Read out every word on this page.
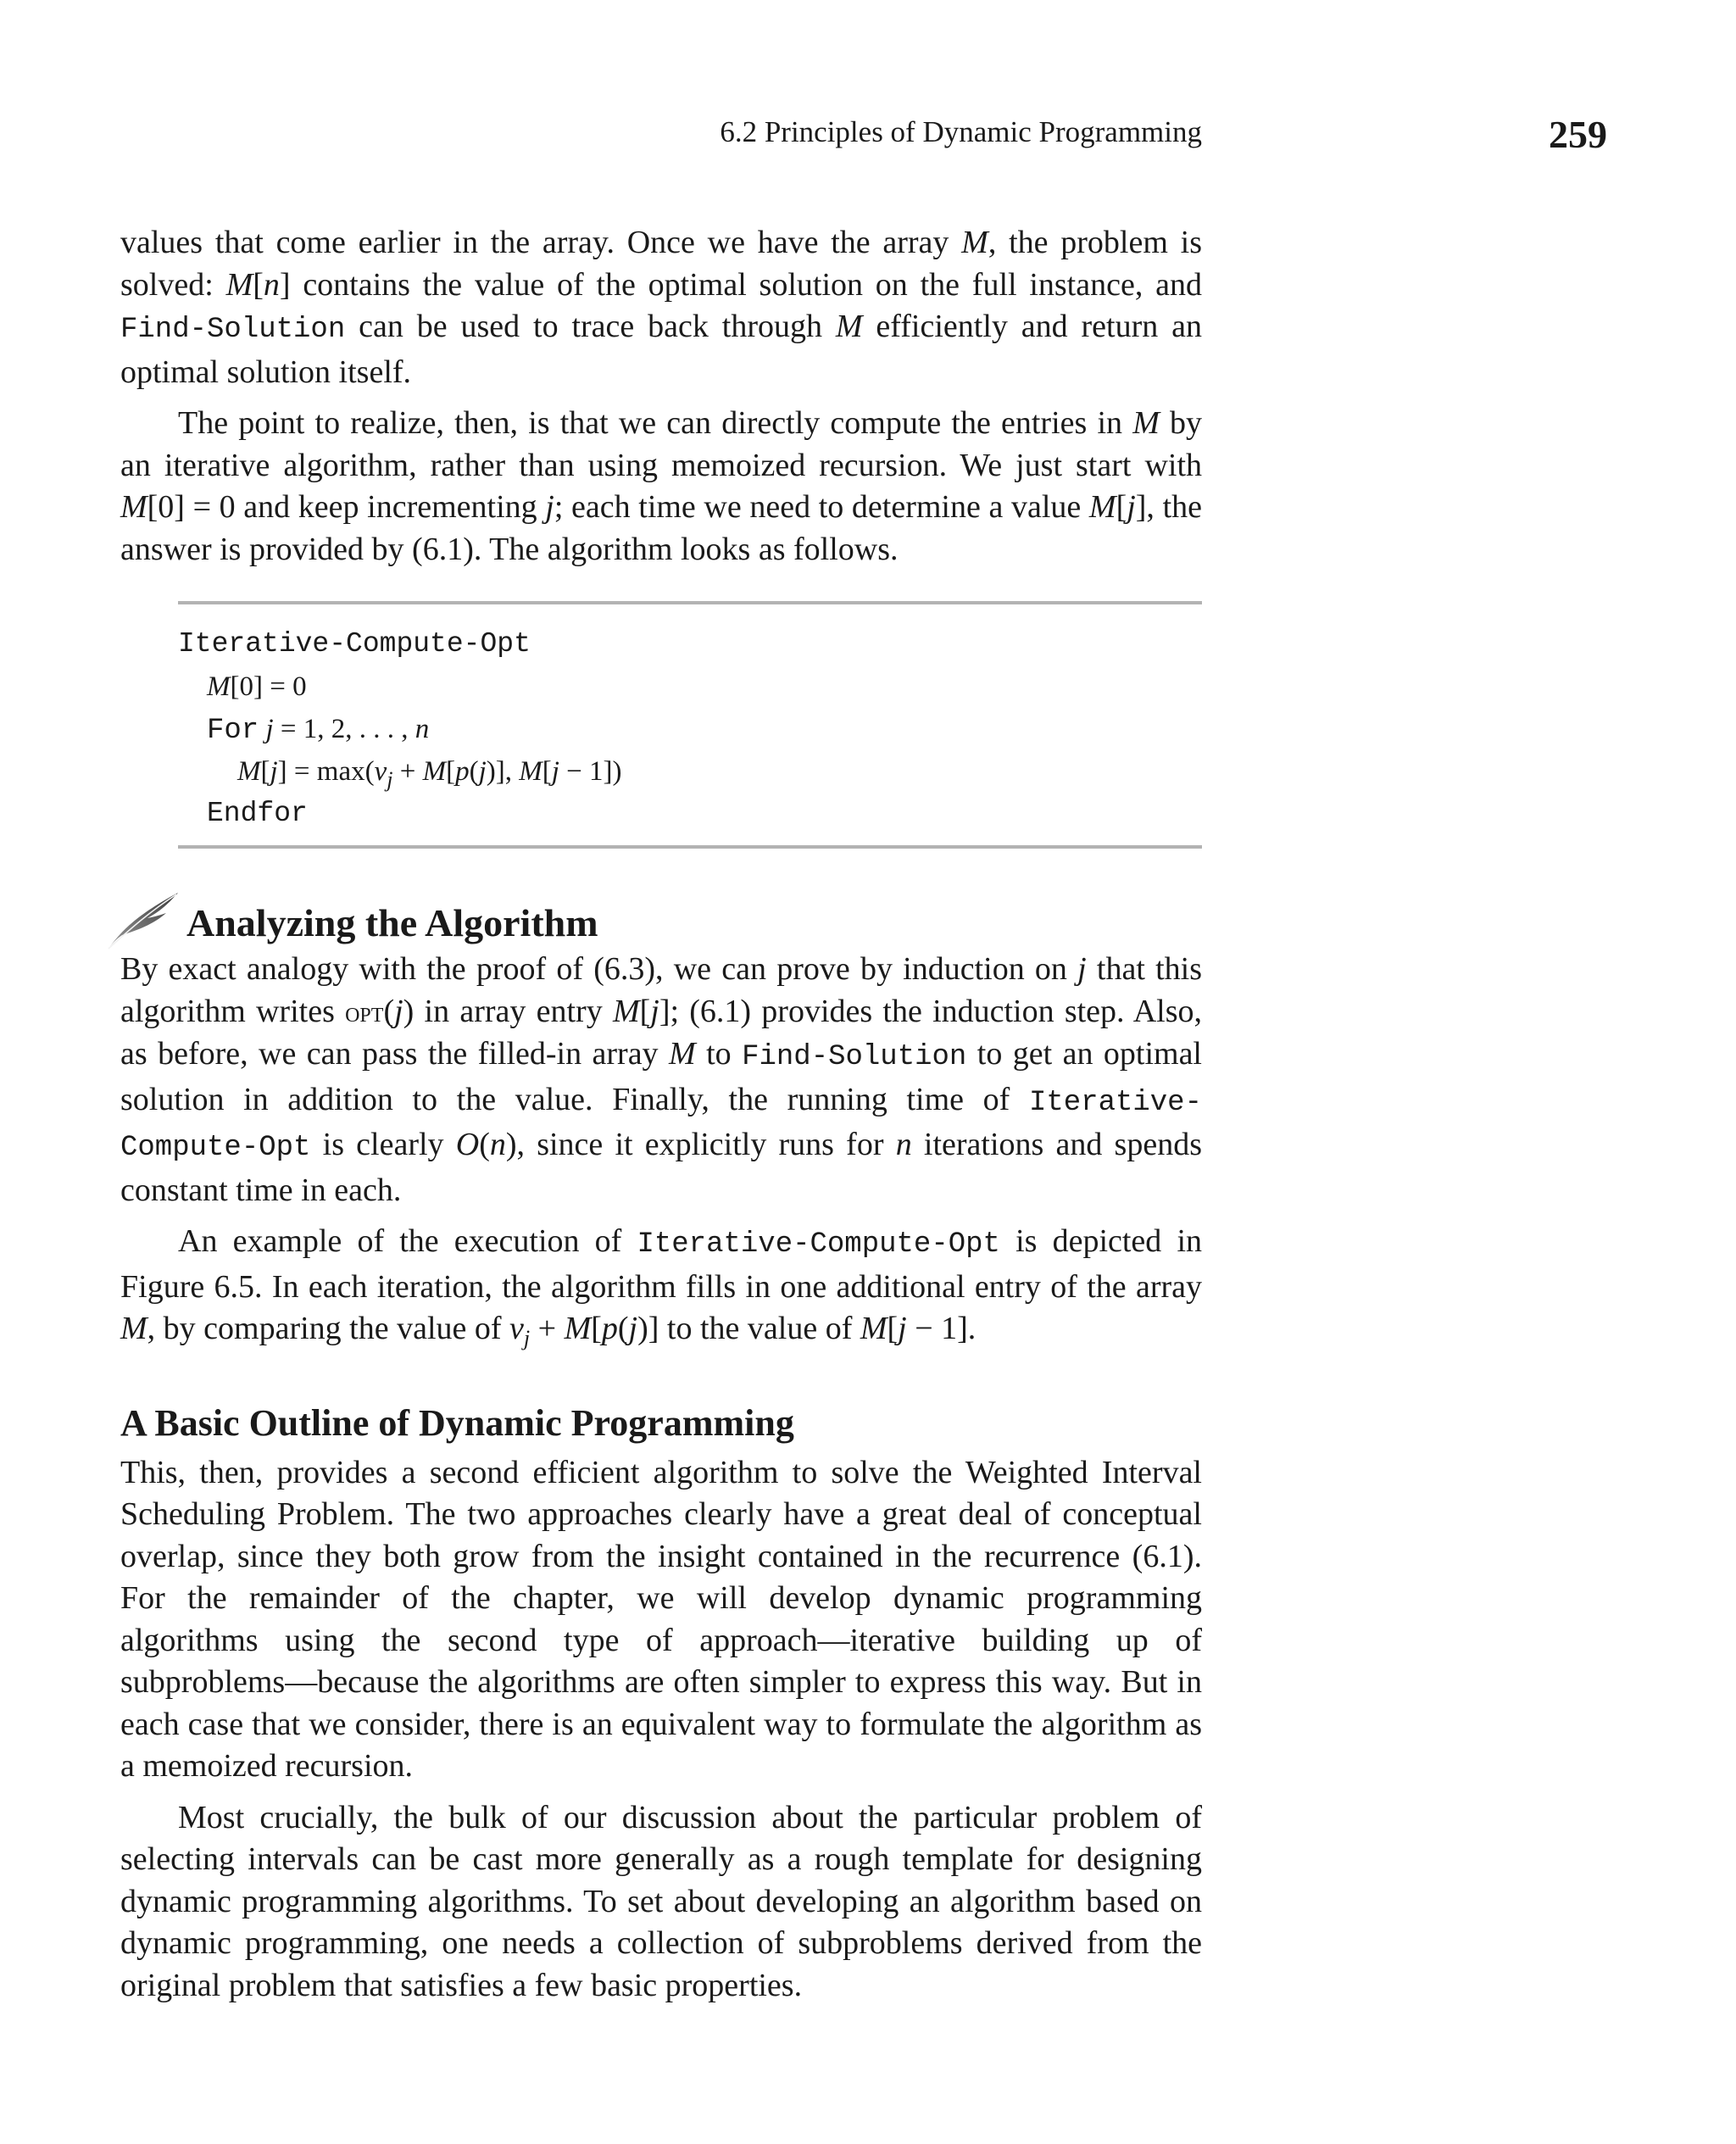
6.2 Principles of Dynamic Programming	259

values that come earlier in the array. Once we have the array M, the problem is solved: M[n] contains the value of the optimal solution on the full instance, and Find-Solution can be used to trace back through M efficiently and return an optimal solution itself.

The point to realize, then, is that we can directly compute the entries in M by an iterative algorithm, rather than using memoized recursion. We just start with M[0] = 0 and keep incrementing j; each time we need to determine a value M[j], the answer is provided by (6.1). The algorithm looks as follows.

Iterative-Compute-Opt
M[0] = 0
For j = 1, 2, . . . , n
$M[j] = \max(v_j + M[p(j)]$, M[j − 1])
Endfor
Analyzing the Algorithm

By exact analogy with the proof of (6.3), we can prove by induction on j that this algorithm writes opt(j) in array entry M[j]; (6.1) provides the induction step. Also, as before, we can pass the filled-in array M to Find-Solution to get an optimal solution in addition to the value. Finally, the running time of Iterative-Compute-Opt is clearly O(n), since it explicitly runs for n iterations and spends constant time in each.

An example of the execution of Iterative-Compute-Opt is depicted in Figure 6.5. In each iteration, the algorithm fills in one additional entry of the array M, by comparing the value of $v_j + M[p(j)]$ to the value of M[j − 1].

A Basic Outline of Dynamic Programming

This, then, provides a second efficient algorithm to solve the Weighted Interval Scheduling Problem. The two approaches clearly have a great deal of conceptual overlap, since they both grow from the insight contained in the recurrence (6.1). For the remainder of the chapter, we will develop dynamic programming algorithms using the second type of approach—iterative building up of subproblems—because the algorithms are often simpler to express this way. But in each case that we consider, there is an equivalent way to formulate the algorithm as a memoized recursion.

Most crucially, the bulk of our discussion about the particular problem of selecting intervals can be cast more generally as a rough template for designing dynamic programming algorithms. To set about developing an algorithm based on dynamic programming, one needs a collection of subproblems derived from the original problem that satisfies a few basic properties.
